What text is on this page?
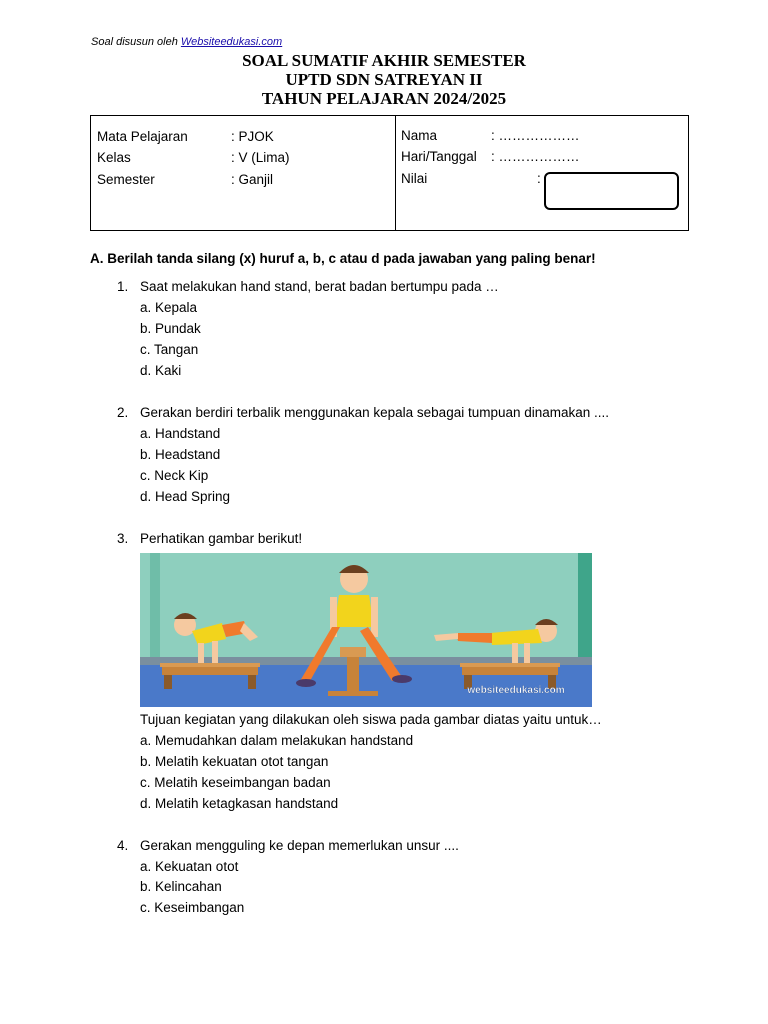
Soal disusun oleh Websiteedukasi.com
SOAL SUMATIF AKHIR SEMESTER
UPTD SDN SATREYAN II
TAHUN PELAJARAN 2024/2025
Mata Pelajaran	: PJOK
Kelas	: V (Lima)
Semester	: Ganjil
Nama	: ………………
Hari/Tanggal : ………………
Nilai	:
A. Berilah tanda silang (x) huruf a, b, c atau d pada jawaban yang paling benar!
1. Saat melakukan hand stand, berat badan bertumpu pada …
a. Kepala
b. Pundak
c. Tangan
d. Kaki
2. Gerakan berdiri terbalik menggunakan kepala sebagai tumpuan dinamakan ....
a. Handstand
b. Headstand
c. Neck Kip
d. Head Spring
3. Perhatikan gambar berikut!
websiteedukasi.com
Tujuan kegiatan yang dilakukan oleh siswa pada gambar diatas yaitu untuk…
a. Memudahkan dalam melakukan handstand
b. Melatih kekuatan otot tangan
c. Melatih keseimbangan badan
d. Melatih ketagkasan handstand
4. Gerakan mengguling ke depan memerlukan unsur ....
a. Kekuatan otot
b. Kelincahan
c. Keseimbangan
